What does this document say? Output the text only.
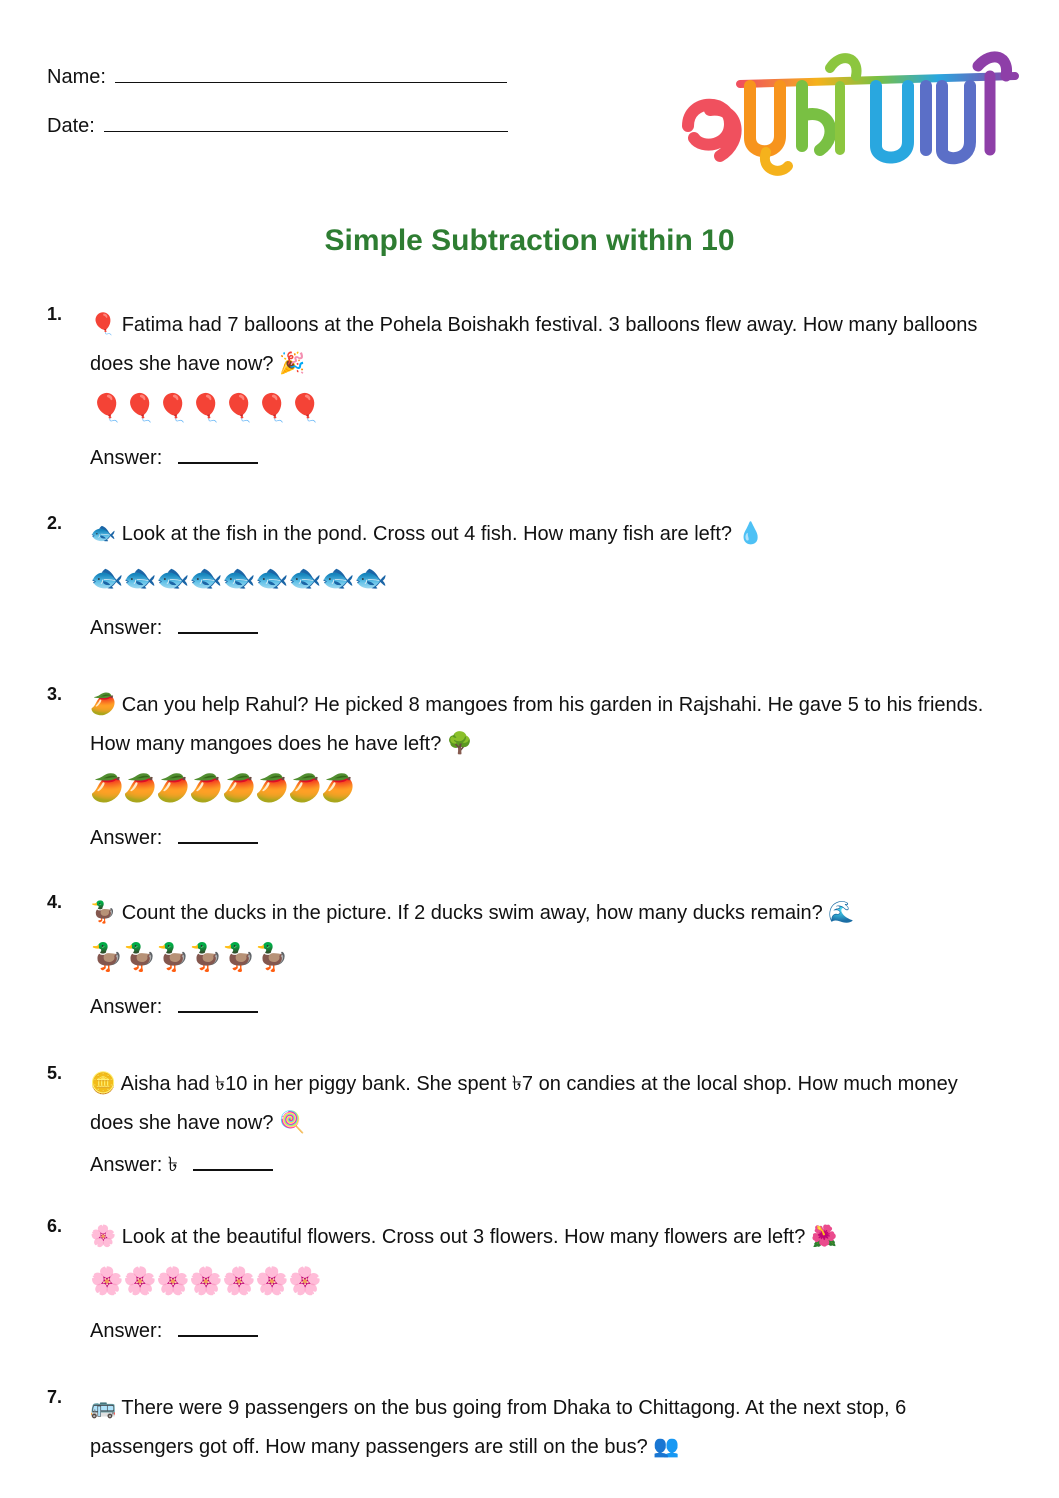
Name:
Date:
Simple Subtraction within 10
1. 🎈 Fatima had 7 balloons at the Pohela Boishakh festival. 3 balloons flew away. How many balloons does she have now? 🎉
🎈🎈🎈🎈🎈🎈🎈
Answer:
2. 🐟 Look at the fish in the pond. Cross out 4 fish. How many fish are left? 💧
🐟🐟🐟🐟🐟🐟🐟🐟🐟
Answer:
3. 🥭 Can you help Rahul? He picked 8 mangoes from his garden in Rajshahi. He gave 5 to his friends. How many mangoes does he have left? 🌳
🥭🥭🥭🥭🥭🥭🥭🥭
Answer:
4. 🦆 Count the ducks in the picture. If 2 ducks swim away, how many ducks remain? 🌊
🦆🦆🦆🦆🦆🦆
Answer:
5. 🪙 Aisha had ৳10 in her piggy bank. She spent ৳7 on candies at the local shop. How much money does she have now? 🍭
Answer: ৳
6. 🌸 Look at the beautiful flowers. Cross out 3 flowers. How many flowers are left? 🌺
🌸🌸🌸🌸🌸🌸🌸
Answer:
7. 🚌 There were 9 passengers on the bus going from Dhaka to Chittagong. At the next stop, 6 passengers got off. How many passengers are still on the bus? 👥
